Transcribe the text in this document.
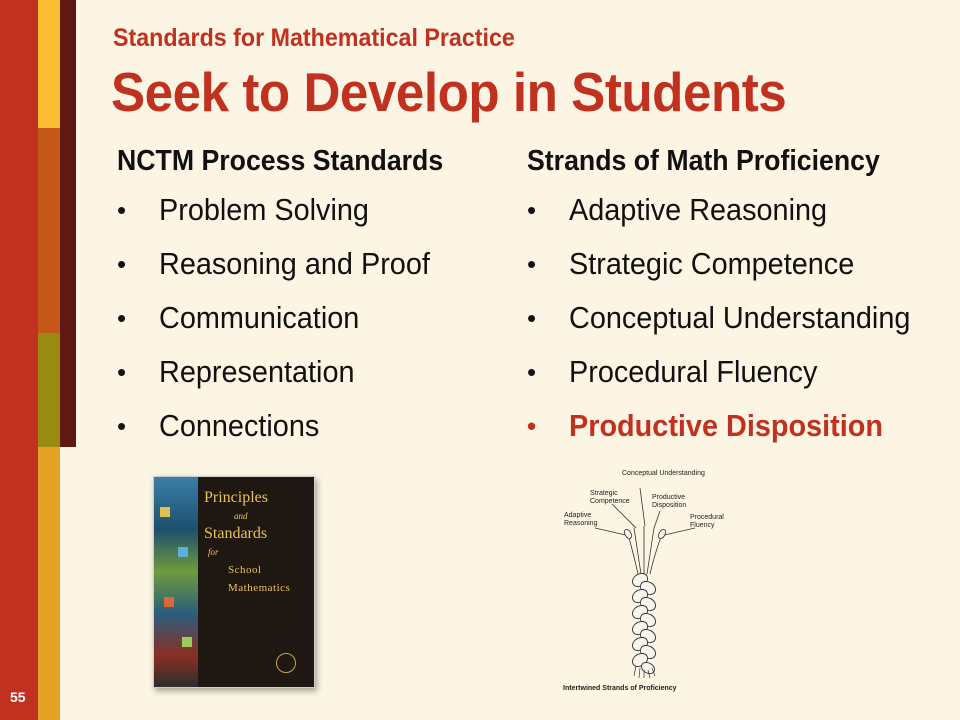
55
Standards for Mathematical Practice
Seek to Develop in Students
NCTM Process Standards
• Problem Solving
• Reasoning and Proof
• Communication
• Representation
• Connections
Strands of Math Proficiency
• Adaptive Reasoning
• Strategic Competence
• Conceptual Understanding
• Procedural Fluency
• Productive Disposition
Principles
and
Standards
for
School
Mathematics
Conceptual Understanding
Strategic Competence
Productive Disposition
Adaptive Reasoning
Procedural Fluency
Intertwined Strands of Proficiency
